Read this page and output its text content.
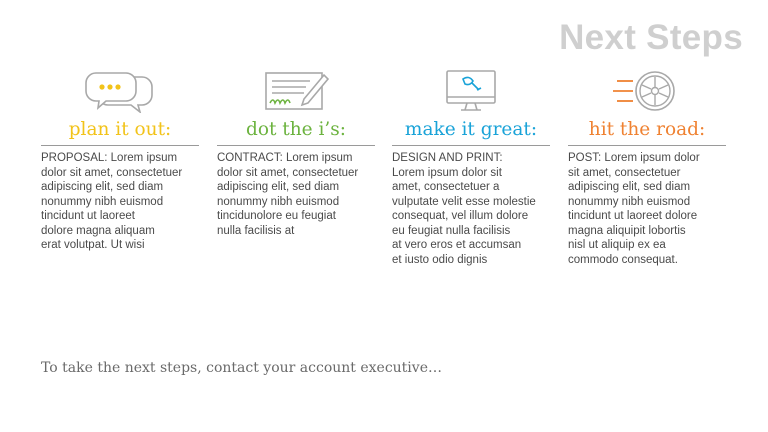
Next Steps
plan it out:
PROPOSAL: Lorem ipsum
dolor sit amet, consectetuer
adipiscing elit, sed diam
nonummy nibh euismod
tincidunt ut laoreet
dolore magna aliquam
erat volutpat. Ut wisi
dot the i’s:
CONTRACT: Lorem ipsum
dolor sit amet, consectetuer
adipiscing elit, sed diam
nonummy nibh euismod
tincidunolore eu feugiat
nulla facilisis at
make it great:
DESIGN AND PRINT:
Lorem ipsum dolor sit
amet, consectetuer a
vulputate velit esse molestie
consequat, vel illum dolore
eu feugiat nulla facilisis
at vero eros et accumsan
et iusto odio dignis
hit the road:
POST: Lorem ipsum dolor
sit amet, consectetuer
adipiscing elit, sed diam
nonummy nibh euismod
tincidunt ut laoreet dolore
magna aliquipit lobortis
nisl ut aliquip ex ea
commodo consequat.
To take the next steps, contact your account executive…
